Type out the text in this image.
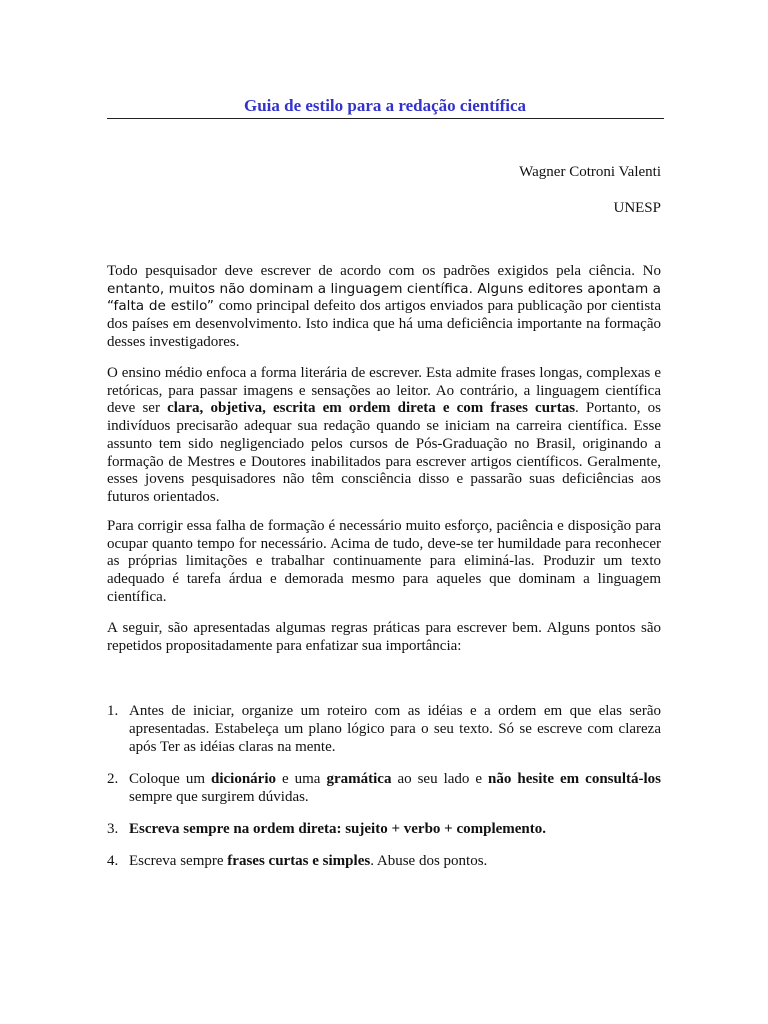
Guia de estilo para a redação científica
Wagner Cotroni Valenti
UNESP
Todo pesquisador deve escrever de acordo com os padrões exigidos pela ciência. No entanto, muitos não dominam a linguagem científica. Alguns editores apontam a “falta de estilo” como principal defeito dos artigos enviados para publicação por cientista dos países em desenvolvimento. Isto indica que há uma deficiência importante na formação desses investigadores.
O ensino médio enfoca a forma literária de escrever. Esta admite frases longas, complexas e retóricas, para passar imagens e sensações ao leitor. Ao contrário, a linguagem científica deve ser clara, objetiva, escrita em ordem direta e com frases curtas. Portanto, os indivíduos precisarão adequar sua redação quando se iniciam na carreira científica. Esse assunto tem sido negligenciado pelos cursos de Pós-Graduação no Brasil, originando a formação de Mestres e Doutores inabilitados para escrever artigos científicos. Geralmente, esses jovens pesquisadores não têm consciência disso e passarão suas deficiências aos futuros orientados.
Para corrigir essa falha de formação é necessário muito esforço, paciência e disposição para ocupar quanto tempo for necessário. Acima de tudo, deve-se ter humildade para reconhecer as próprias limitações e trabalhar continuamente para eliminá-las. Produzir um texto adequado é tarefa árdua e demorada mesmo para aqueles que dominam a linguagem científica.
A seguir, são apresentadas algumas regras práticas para escrever bem. Alguns pontos são repetidos propositadamente para enfatizar sua importância:
1. Antes de iniciar, organize um roteiro com as idéias e a ordem em que elas serão apresentadas. Estabeleça um plano lógico para o seu texto. Só se escreve com clareza após Ter as idéias claras na mente.
2. Coloque um dicionário e uma gramática ao seu lado e não hesite em consultá-los sempre que surgirem dúvidas.
3. Escreva sempre na ordem direta: sujeito + verbo + complemento.
4. Escreva sempre frases curtas e simples. Abuse dos pontos.
